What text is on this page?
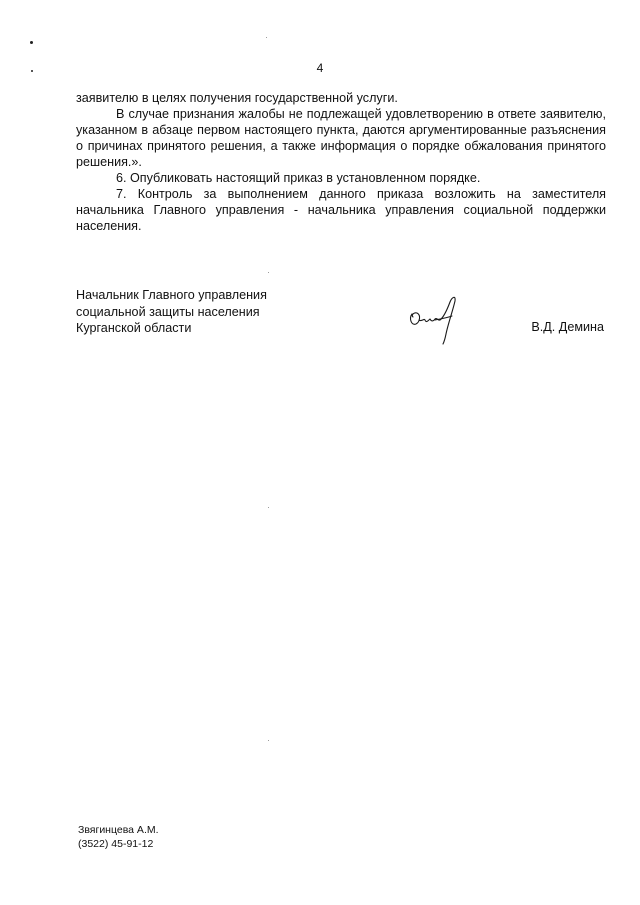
4

заявителю в целях получения государственной услуги.

В случае признания жалобы не подлежащей удовлетворению в ответе заявителю, указанном в абзаце первом настоящего пункта, даются аргументированные разъяснения о причинах принятого решения, а также информация о порядке обжалования принятого решения.».

6. Опубликовать настоящий приказ в установленном порядке.

7. Контроль за выполнением данного приказа возложить на заместителя начальника Главного управления - начальника управления социальной поддержки населения.

Начальник Главного управления
социальной защиты населения
Курганской области	В.Д. Демина
Звягинцева А.М.
(3522) 45-91-12
